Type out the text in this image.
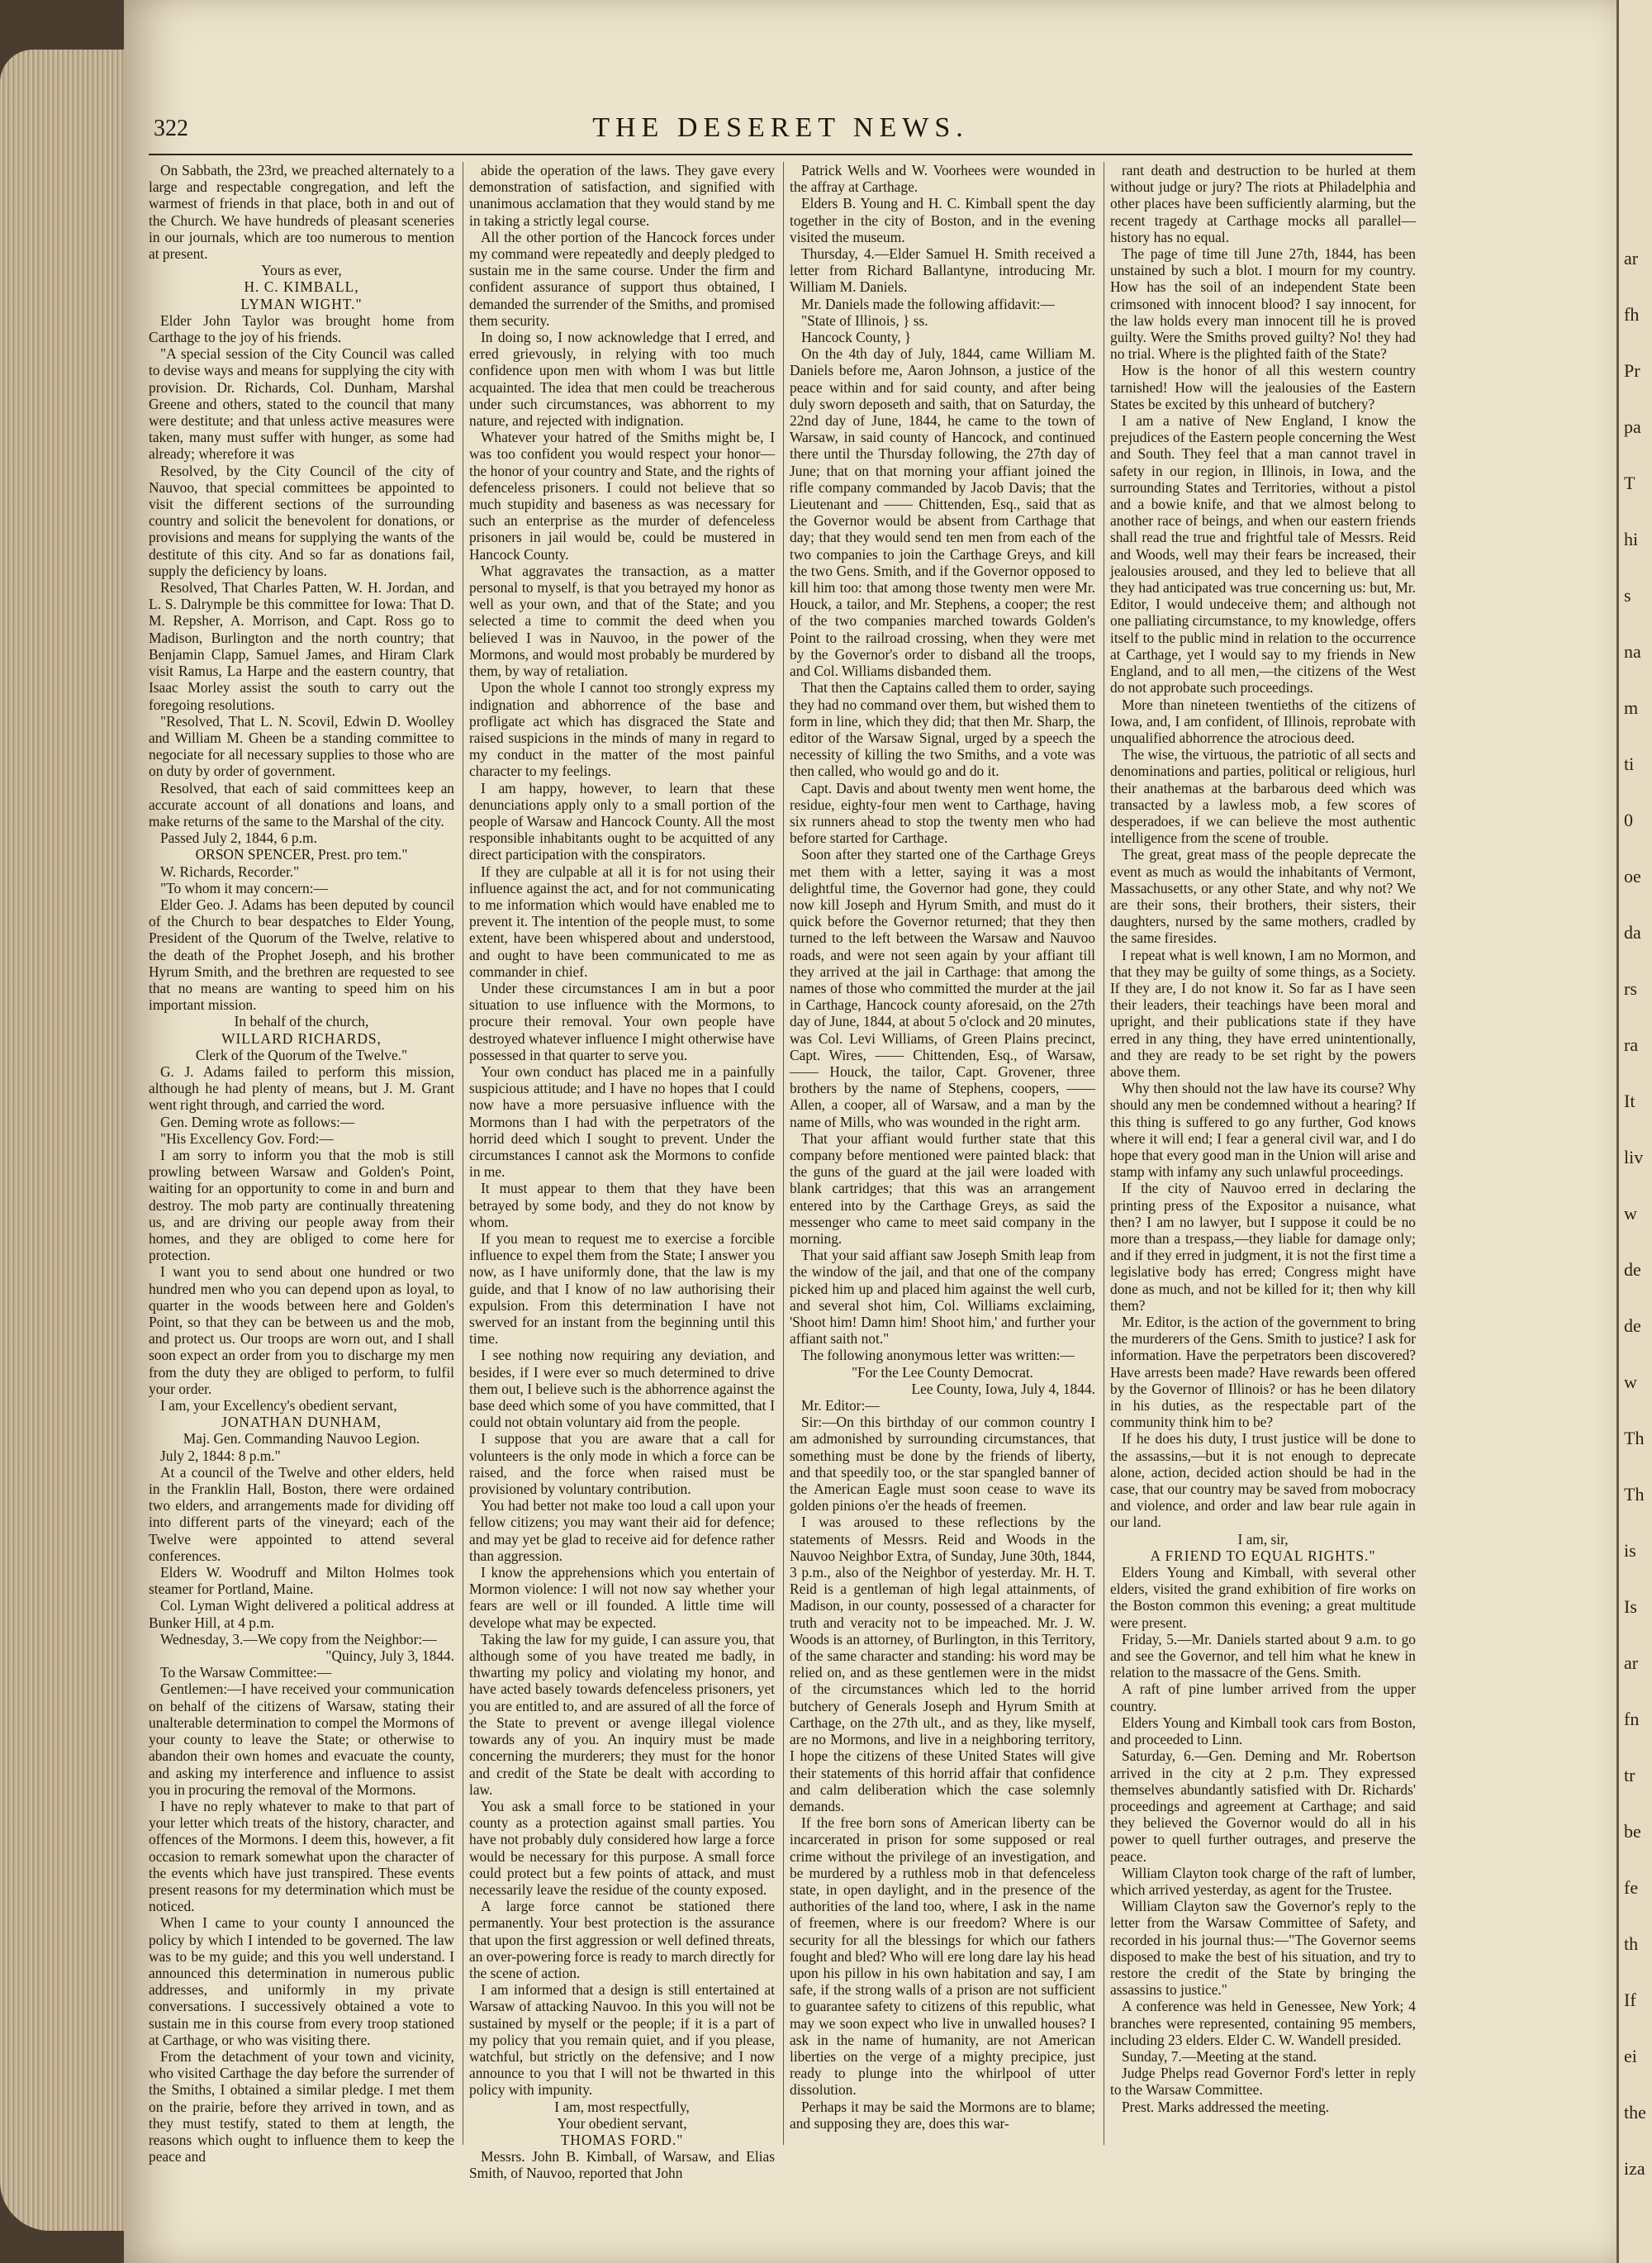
ar
fh
Pr
pa
T
hi
s
na
m
ti
0
oe
da
rs
ra
It
liv
w
de
de
w
Th
Th
is
Is
ar
fn
tr
be
fe
th
If
ei
the
iza
322	THE DESERET NEWS.

On Sabbath, the 23rd, we preached alternately to a large and respectable congregation, and left the warmest of friends in that place, both in and out of the Church. We have hundreds of pleasant sceneries in our journals, which are too numerous to mention at present.

Yours as ever,

H. C. KIMBALL,

LYMAN WIGHT."

Elder John Taylor was brought home from Carthage to the joy of his friends.

"A special session of the City Council was called to devise ways and means for supplying the city with provision. Dr. Richards, Col. Dunham, Marshal Greene and others, stated to the council that many were destitute; and that unless active measures were taken, many must suffer with hunger, as some had already; wherefore it was

Resolved, by the City Council of the city of Nauvoo, that special committees be appointed to visit the different sections of the surrounding country and solicit the benevolent for donations, or provisions and means for supplying the wants of the destitute of this city. And so far as donations fail, supply the deficiency by loans.

Resolved, That Charles Patten, W. H. Jordan, and L. S. Dalrymple be this committee for Iowa: That D. M. Repsher, A. Morrison, and Capt. Ross go to Madison, Burlington and the north country; that Benjamin Clapp, Samuel James, and Hiram Clark visit Ramus, La Harpe and the eastern country, that Isaac Morley assist the south to carry out the foregoing resolutions.

"Resolved, That L. N. Scovil, Edwin D. Woolley and William M. Gheen be a standing committee to negociate for all necessary supplies to those who are on duty by order of government.

Resolved, that each of said committees keep an accurate account of all donations and loans, and make returns of the same to the Marshal of the city.

Passed July 2, 1844, 6 p.m.

ORSON SPENCER, Prest. pro tem."

W. Richards, Recorder."

"To whom it may concern:—

Elder Geo. J. Adams has been deputed by council of the Church to bear despatches to Elder Young, President of the Quorum of the Twelve, relative to the death of the Prophet Joseph, and his brother Hyrum Smith, and the brethren are requested to see that no means are wanting to speed him on his important mission.

In behalf of the church,

WILLARD RICHARDS,

Clerk of the Quorum of the Twelve."

G. J. Adams failed to perform this mission, although he had plenty of means, but J. M. Grant went right through, and carried the word.

Gen. Deming wrote as follows:—

"His Excellency Gov. Ford:—

I am sorry to inform you that the mob is still prowling between Warsaw and Golden's Point, waiting for an opportunity to come in and burn and destroy. The mob party are continually threatening us, and are driving our people away from their homes, and they are obliged to come here for protection.

I want you to send about one hundred or two hundred men who you can depend upon as loyal, to quarter in the woods between here and Golden's Point, so that they can be between us and the mob, and protect us. Our troops are worn out, and I shall soon expect an order from you to discharge my men from the duty they are obliged to perform, to fulfil your order.

I am, your Excellency's obedient servant,

JONATHAN DUNHAM,

Maj. Gen. Commanding Nauvoo Legion.

July 2, 1844: 8 p.m."

At a council of the Twelve and other elders, held in the Franklin Hall, Boston, there were ordained two elders, and arrangements made for dividing off into different parts of the vineyard; each of the Twelve were appointed to attend several conferences.

Elders W. Woodruff and Milton Holmes took steamer for Portland, Maine.

Col. Lyman Wight delivered a political address at Bunker Hill, at 4 p.m.

Wednesday, 3.—We copy from the Neighbor:—

"Quincy, July 3, 1844.

To the Warsaw Committee:—

Gentlemen:—I have received your communication on behalf of the citizens of Warsaw, stating their unalterable determination to compel the Mormons of your county to leave the State; or otherwise to abandon their own homes and evacuate the county, and asking my interference and influence to assist you in procuring the removal of the Mormons.

I have no reply whatever to make to that part of your letter which treats of the history, character, and offences of the Mormons. I deem this, however, a fit occasion to remark somewhat upon the character of the events which have just transpired. These events present reasons for my determination which must be noticed.

When I came to your county I announced the policy by which I intended to be governed. The law was to be my guide; and this you well understand. I announced this determination in numerous public addresses, and uniformly in my private conversations. I successively obtained a vote to sustain me in this course from every troop stationed at Carthage, or who was visiting there.

From the detachment of your town and vicinity, who visited Carthage the day before the surrender of the Smiths, I obtained a similar pledge. I met them on the prairie, before they arrived in town, and as they must testify, stated to them at length, the reasons which ought to influence them to keep the peace and

abide the operation of the laws. They gave every demonstration of satisfaction, and signified with unanimous acclamation that they would stand by me in taking a strictly legal course.

All the other portion of the Hancock forces under my command were repeatedly and deeply pledged to sustain me in the same course. Under the firm and confident assurance of support thus obtained, I demanded the surrender of the Smiths, and promised them security.

In doing so, I now acknowledge that I erred, and erred grievously, in relying with too much confidence upon men with whom I was but little acquainted. The idea that men could be treacherous under such circumstances, was abhorrent to my nature, and rejected with indignation.

Whatever your hatred of the Smiths might be, I was too confident you would respect your honor—the honor of your country and State, and the rights of defenceless prisoners. I could not believe that so much stupidity and baseness as was necessary for such an enterprise as the murder of defenceless prisoners in jail would be, could be mustered in Hancock County.

What aggravates the transaction, as a matter personal to myself, is that you betrayed my honor as well as your own, and that of the State; and you selected a time to commit the deed when you believed I was in Nauvoo, in the power of the Mormons, and would most probably be murdered by them, by way of retaliation.

Upon the whole I cannot too strongly express my indignation and abhorrence of the base and profligate act which has disgraced the State and raised suspicions in the minds of many in regard to my conduct in the matter of the most painful character to my feelings.

I am happy, however, to learn that these denunciations apply only to a small portion of the people of Warsaw and Hancock County. All the most responsible inhabitants ought to be acquitted of any direct participation with the conspirators.

If they are culpable at all it is for not using their influence against the act, and for not communicating to me information which would have enabled me to prevent it. The intention of the people must, to some extent, have been whispered about and understood, and ought to have been communicated to me as commander in chief.

Under these circumstances I am in but a poor situation to use influence with the Mormons, to procure their removal. Your own people have destroyed whatever influence I might otherwise have possessed in that quarter to serve you.

Your own conduct has placed me in a painfully suspicious attitude; and I have no hopes that I could now have a more persuasive influence with the Mormons than I had with the perpetrators of the horrid deed which I sought to prevent. Under the circumstances I cannot ask the Mormons to confide in me.

It must appear to them that they have been betrayed by some body, and they do not know by whom.

If you mean to request me to exercise a forcible influence to expel them from the State; I answer you now, as I have uniformly done, that the law is my guide, and that I know of no law authorising their expulsion. From this determination I have not swerved for an instant from the beginning until this time.

I see nothing now requiring any deviation, and besides, if I were ever so much determined to drive them out, I believe such is the abhorrence against the base deed which some of you have committed, that I could not obtain voluntary aid from the people.

I suppose that you are aware that a call for volunteers is the only mode in which a force can be raised, and the force when raised must be provisioned by voluntary contribution.

You had better not make too loud a call upon your fellow citizens; you may want their aid for defence; and may yet be glad to receive aid for defence rather than aggression.

I know the apprehensions which you entertain of Mormon violence: I will not now say whether your fears are well or ill founded. A little time will develope what may be expected.

Taking the law for my guide, I can assure you, that although some of you have treated me badly, in thwarting my policy and violating my honor, and have acted basely towards defenceless prisoners, yet you are entitled to, and are assured of all the force of the State to prevent or avenge illegal violence towards any of you. An inquiry must be made concerning the murderers; they must for the honor and credit of the State be dealt with according to law.

You ask a small force to be stationed in your county as a protection against small parties. You have not probably duly considered how large a force would be necessary for this purpose. A small force could protect but a few points of attack, and must necessarily leave the residue of the county exposed.

A large force cannot be stationed there permanently. Your best protection is the assurance that upon the first aggression or well defined threats, an over-powering force is ready to march directly for the scene of action.

I am informed that a design is still entertained at Warsaw of attacking Nauvoo. In this you will not be sustained by myself or the people; if it is a part of my policy that you remain quiet, and if you please, watchful, but strictly on the defensive; and I now announce to you that I will not be thwarted in this policy with impunity.

I am, most respectfully,

Your obedient servant,

THOMAS FORD."

Messrs. John B. Kimball, of Warsaw, and Elias Smith, of Nauvoo, reported that John

Patrick Wells and W. Voorhees were wounded in the affray at Carthage.

Elders B. Young and H. C. Kimball spent the day together in the city of Boston, and in the evening visited the museum.

Thursday, 4.—Elder Samuel H. Smith received a letter from Richard Ballantyne, introducing Mr. William M. Daniels.

Mr. Daniels made the following affidavit:—

"State of Illinois, } ss.

Hancock County, }

On the 4th day of July, 1844, came William M. Daniels before me, Aaron Johnson, a justice of the peace within and for said county, and after being duly sworn deposeth and saith, that on Saturday, the 22nd day of June, 1844, he came to the town of Warsaw, in said county of Hancock, and continued there until the Thursday following, the 27th day of June; that on that morning your affiant joined the rifle company commanded by Jacob Davis; that the Lieutenant and —— Chittenden, Esq., said that as the Governor would be absent from Carthage that day; that they would send ten men from each of the two companies to join the Carthage Greys, and kill the two Gens. Smith, and if the Governor opposed to kill him too: that among those twenty men were Mr. Houck, a tailor, and Mr. Stephens, a cooper; the rest of the two companies marched towards Golden's Point to the railroad crossing, when they were met by the Governor's order to disband all the troops, and Col. Williams disbanded them.

That then the Captains called them to order, saying they had no command over them, but wished them to form in line, which they did; that then Mr. Sharp, the editor of the Warsaw Signal, urged by a speech the necessity of killing the two Smiths, and a vote was then called, who would go and do it.

Capt. Davis and about twenty men went home, the residue, eighty-four men went to Carthage, having six runners ahead to stop the twenty men who had before started for Carthage.

Soon after they started one of the Carthage Greys met them with a letter, saying it was a most delightful time, the Governor had gone, they could now kill Joseph and Hyrum Smith, and must do it quick before the Governor returned; that they then turned to the left between the Warsaw and Nauvoo roads, and were not seen again by your affiant till they arrived at the jail in Carthage: that among the names of those who committed the murder at the jail in Carthage, Hancock county aforesaid, on the 27th day of June, 1844, at about 5 o'clock and 20 minutes, was Col. Levi Williams, of Green Plains precinct, Capt. Wires, —— Chittenden, Esq., of Warsaw, —— Houck, the tailor, Capt. Grovener, three brothers by the name of Stephens, coopers, —— Allen, a cooper, all of Warsaw, and a man by the name of Mills, who was wounded in the right arm.

That your affiant would further state that this company before mentioned were painted black: that the guns of the guard at the jail were loaded with blank cartridges; that this was an arrangement entered into by the Carthage Greys, as said the messenger who came to meet said company in the morning.

That your said affiant saw Joseph Smith leap from the window of the jail, and that one of the company picked him up and placed him against the well curb, and several shot him, Col. Williams exclaiming, 'Shoot him! Damn him! Shoot him,' and further your affiant saith not."

The following anonymous letter was written:—

"For the Lee County Democrat.

Lee County, Iowa, July 4, 1844.

Mr. Editor:—

Sir:—On this birthday of our common country I am admonished by surrounding circumstances, that something must be done by the friends of liberty, and that speedily too, or the star spangled banner of the American Eagle must soon cease to wave its golden pinions o'er the heads of freemen.

I was aroused to these reflections by the statements of Messrs. Reid and Woods in the Nauvoo Neighbor Extra, of Sunday, June 30th, 1844, 3 p.m., also of the Neighbor of yesterday. Mr. H. T. Reid is a gentleman of high legal attainments, of Madison, in our county, possessed of a character for truth and veracity not to be impeached. Mr. J. W. Woods is an attorney, of Burlington, in this Territory, of the same character and standing: his word may be relied on, and as these gentlemen were in the midst of the circumstances which led to the horrid butchery of Generals Joseph and Hyrum Smith at Carthage, on the 27th ult., and as they, like myself, are no Mormons, and live in a neighboring territory, I hope the citizens of these United States will give their statements of this horrid affair that confidence and calm deliberation which the case solemnly demands.

If the free born sons of American liberty can be incarcerated in prison for some supposed or real crime without the privilege of an investigation, and be murdered by a ruthless mob in that defenceless state, in open daylight, and in the presence of the authorities of the land too, where, I ask in the name of freemen, where is our freedom? Where is our security for all the blessings for which our fathers fought and bled? Who will ere long dare lay his head upon his pillow in his own habitation and say, I am safe, if the strong walls of a prison are not sufficient to guarantee safety to citizens of this republic, what may we soon expect who live in unwalled houses? I ask in the name of humanity, are not American liberties on the verge of a mighty precipice, just ready to plunge into the whirlpool of utter dissolution.

Perhaps it may be said the Mormons are to blame; and supposing they are, does this war-

rant death and destruction to be hurled at them without judge or jury? The riots at Philadelphia and other places have been sufficiently alarming, but the recent tragedy at Carthage mocks all parallel—history has no equal.

The page of time till June 27th, 1844, has been unstained by such a blot. I mourn for my country. How has the soil of an independent State been crimsoned with innocent blood? I say innocent, for the law holds every man innocent till he is proved guilty. Were the Smiths proved guilty? No! they had no trial. Where is the plighted faith of the State?

How is the honor of all this western country tarnished! How will the jealousies of the Eastern States be excited by this unheard of butchery?

I am a native of New England, I know the prejudices of the Eastern people concerning the West and South. They feel that a man cannot travel in safety in our region, in Illinois, in Iowa, and the surrounding States and Territories, without a pistol and a bowie knife, and that we almost belong to another race of beings, and when our eastern friends shall read the true and frightful tale of Messrs. Reid and Woods, well may their fears be increased, their jealousies aroused, and they led to believe that all they had anticipated was true concerning us: but, Mr. Editor, I would undeceive them; and although not one palliating circumstance, to my knowledge, offers itself to the public mind in relation to the occurrence at Carthage, yet I would say to my friends in New England, and to all men,—the citizens of the West do not approbate such proceedings.

More than nineteen twentieths of the citizens of Iowa, and, I am confident, of Illinois, reprobate with unqualified abhorrence the atrocious deed.

The wise, the virtuous, the patriotic of all sects and denominations and parties, political or religious, hurl their anathemas at the barbarous deed which was transacted by a lawless mob, a few scores of desperadoes, if we can believe the most authentic intelligence from the scene of trouble.

The great, great mass of the people deprecate the event as much as would the inhabitants of Vermont, Massachusetts, or any other State, and why not? We are their sons, their brothers, their sisters, their daughters, nursed by the same mothers, cradled by the same firesides.

I repeat what is well known, I am no Mormon, and that they may be guilty of some things, as a Society. If they are, I do not know it. So far as I have seen their leaders, their teachings have been moral and upright, and their publications state if they have erred in any thing, they have erred unintentionally, and they are ready to be set right by the powers above them.

Why then should not the law have its course? Why should any men be condemned without a hearing? If this thing is suffered to go any further, God knows where it will end; I fear a general civil war, and I do hope that every good man in the Union will arise and stamp with infamy any such unlawful proceedings.

If the city of Nauvoo erred in declaring the printing press of the Expositor a nuisance, what then? I am no lawyer, but I suppose it could be no more than a trespass,—they liable for damage only; and if they erred in judgment, it is not the first time a legislative body has erred; Congress might have done as much, and not be killed for it; then why kill them?

Mr. Editor, is the action of the government to bring the murderers of the Gens. Smith to justice? I ask for information. Have the perpetrators been discovered? Have arrests been made? Have rewards been offered by the Governor of Illinois? or has he been dilatory in his duties, as the respectable part of the community think him to be?

If he does his duty, I trust justice will be done to the assassins,—but it is not enough to deprecate alone, action, decided action should be had in the case, that our country may be saved from mobocracy and violence, and order and law bear rule again in our land.

I am, sir,

A FRIEND TO EQUAL RIGHTS."

Elders Young and Kimball, with several other elders, visited the grand exhibition of fire works on the Boston common this evening; a great multitude were present.

Friday, 5.—Mr. Daniels started about 9 a.m. to go and see the Governor, and tell him what he knew in relation to the massacre of the Gens. Smith.

A raft of pine lumber arrived from the upper country.

Elders Young and Kimball took cars from Boston, and proceeded to Linn.

Saturday, 6.—Gen. Deming and Mr. Robertson arrived in the city at 2 p.m. They expressed themselves abundantly satisfied with Dr. Richards' proceedings and agreement at Carthage; and said they believed the Governor would do all in his power to quell further outrages, and preserve the peace.

William Clayton took charge of the raft of lumber, which arrived yesterday, as agent for the Trustee.

William Clayton saw the Governor's reply to the letter from the Warsaw Committee of Safety, and recorded in his journal thus:—"The Governor seems disposed to make the best of his situation, and try to restore the credit of the State by bringing the assassins to justice."

A conference was held in Genessee, New York; 4 branches were represented, containing 95 members, including 23 elders. Elder C. W. Wandell presided.

Sunday, 7.—Meeting at the stand.

Judge Phelps read Governor Ford's letter in reply to the Warsaw Committee.

Prest. Marks addressed the meeting.
